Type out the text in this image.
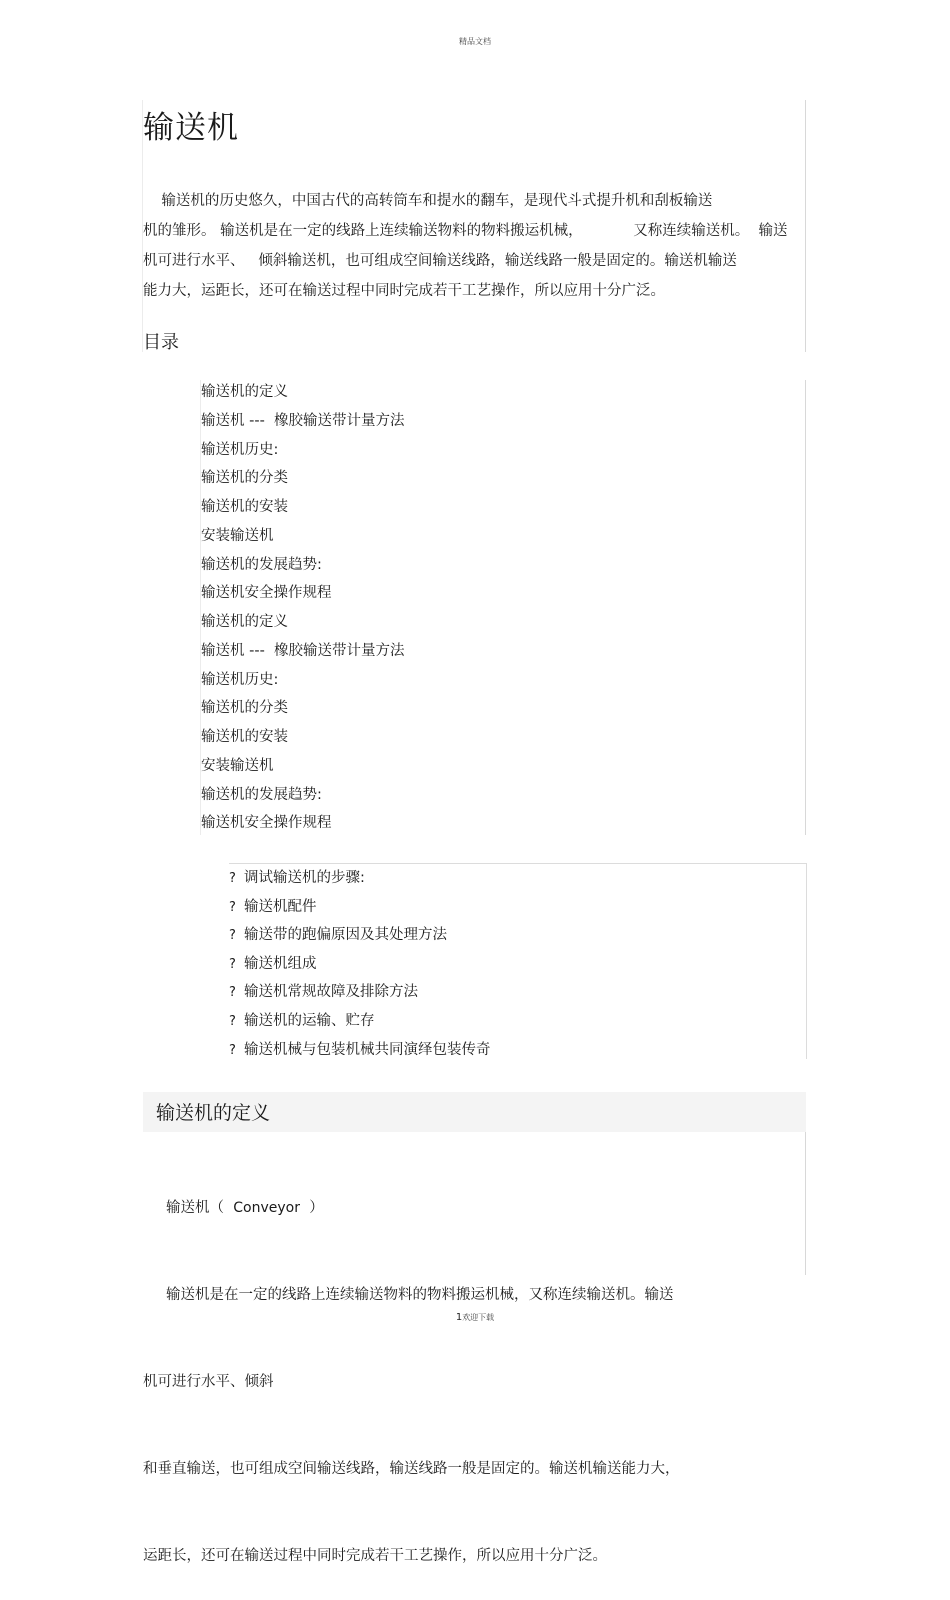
精品文档
输送机
输送机的历史悠久，中国古代的高转筒车和提水的翻车，是现代斗式提升机和刮板输送
机的雏形。 输送机是在一定的线路上连续输送物料的物料搬运机械，           又称连续输送机。  输送
机可进行水平、   倾斜输送机，也可组成空间输送线路，输送线路一般是固定的。输送机输送
能力大，运距长，还可在输送过程中同时完成若干工艺操作，所以应用十分广泛。
目录
输送机的定义
输送机 ---  橡胶输送带计量方法
输送机历史:
输送机的分类
输送机的安装
安装输送机
输送机的发展趋势:
输送机安全操作规程
输送机的定义
输送机 ---  橡胶输送带计量方法
输送机历史:
输送机的分类
输送机的安装
安装输送机
输送机的发展趋势:
输送机安全操作规程
? 调试输送机的步骤:
? 输送机配件
? 输送带的跑偏原因及其处理方法
? 输送机组成
? 输送机常规故障及排除方法
? 输送机的运输、贮存
? 输送机械与包装机械共同演绎包装传奇
输送机的定义

输送机（  Conveyor  ）

输送机是在一定的线路上连续输送物料的物料搬运机械，又称连续输送机。输送

机可进行水平、倾斜

和垂直输送，也可组成空间输送线路，输送线路一般是固定的。输送机输送能力大，

运距长，还可在输送过程中同时完成若干工艺操作，所以应用十分广泛。

1欢迎下载
